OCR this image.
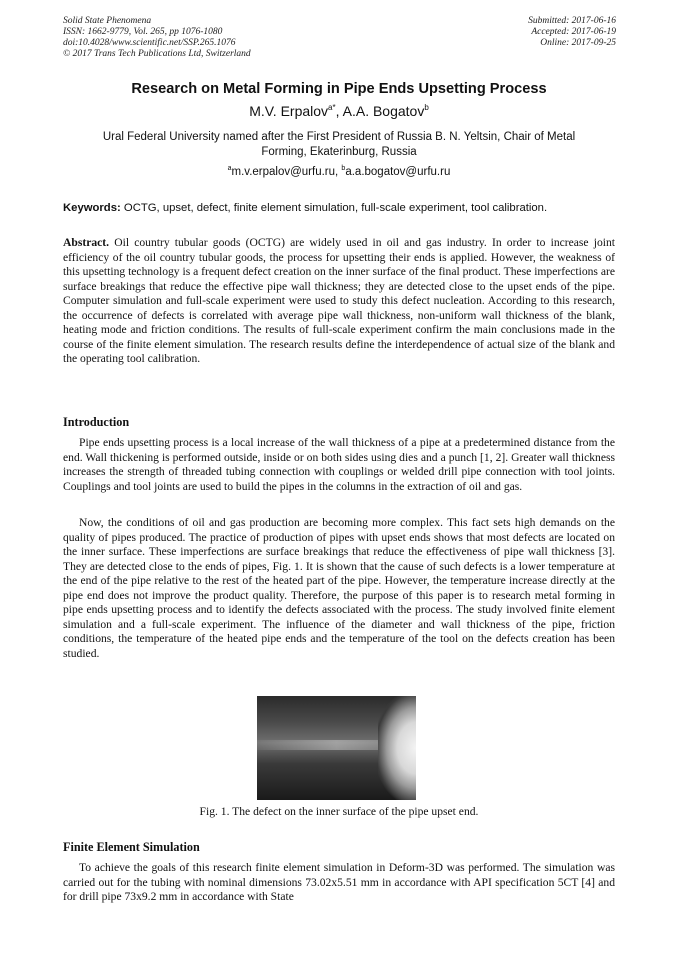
Solid State Phenomena
ISSN: 1662-9779, Vol. 265, pp 1076-1080
doi:10.4028/www.scientific.net/SSP.265.1076
© 2017 Trans Tech Publications Ltd, Switzerland
Submitted: 2017-06-16
Accepted: 2017-06-19
Online: 2017-09-25
Research on Metal Forming in Pipe Ends Upsetting Process
M.V. Erpalov$^{a*}$, A.A. Bogatov$^b$
Ural Federal University named after the First President of Russia B. N. Yeltsin, Chair of Metal Forming, Ekaterinburg, Russia
$^a$m.v.erpalov@urfu.ru, $^b$a.a.bogatov@urfu.ru
Keywords: OCTG, upset, defect, finite element simulation, full-scale experiment, tool calibration.

Abstract. Oil country tubular goods (OCTG) are widely used in oil and gas industry. In order to increase joint efficiency of the oil country tubular goods, the process for upsetting their ends is applied. However, the weakness of this upsetting technology is a frequent defect creation on the inner surface of the final product. These imperfections are surface breakings that reduce the effective pipe wall thickness; they are detected close to the upset ends of the pipe. Computer simulation and full-scale experiment were used to study this defect nucleation. According to this research, the occurrence of defects is correlated with average pipe wall thickness, non-uniform wall thickness of the blank, heating mode and friction conditions. The results of full-scale experiment confirm the main conclusions made in the course of the finite element simulation. The research results define the interdependence of actual size of the blank and the operating tool calibration.

Introduction

Pipe ends upsetting process is a local increase of the wall thickness of a pipe at a predetermined distance from the end. Wall thickening is performed outside, inside or on both sides using dies and a punch [1, 2]. Greater wall thickness increases the strength of threaded tubing connection with couplings or welded drill pipe connection with tool joints. Couplings and tool joints are used to build the pipes in the columns in the extraction of oil and gas.

Now, the conditions of oil and gas production are becoming more complex. This fact sets high demands on the quality of pipes produced. The practice of production of pipes with upset ends shows that most defects are located on the inner surface. These imperfections are surface breakings that reduce the effectiveness of pipe wall thickness [3]. They are detected close to the ends of pipes, Fig. 1. It is shown that the cause of such defects is a lower temperature at the end of the pipe relative to the rest of the heated part of the pipe. However, the temperature increase directly at the pipe end does not improve the product quality. Therefore, the purpose of this paper is to research metal forming in pipe ends upsetting process and to identify the defects associated with the process. The study involved finite element simulation and a full-scale experiment. The influence of the diameter and wall thickness of the pipe, friction conditions, the temperature of the heated pipe ends and the temperature of the tool on the defects creation has been studied.

Fig. 1. The defect on the inner surface of the pipe upset end.
Finite Element Simulation

To achieve the goals of this research finite element simulation in Deform-3D was performed. The simulation was carried out for the tubing with nominal dimensions 73.02x5.51 mm in accordance with API specification 5CT [4] and for drill pipe 73x9.2 mm in accordance with State
